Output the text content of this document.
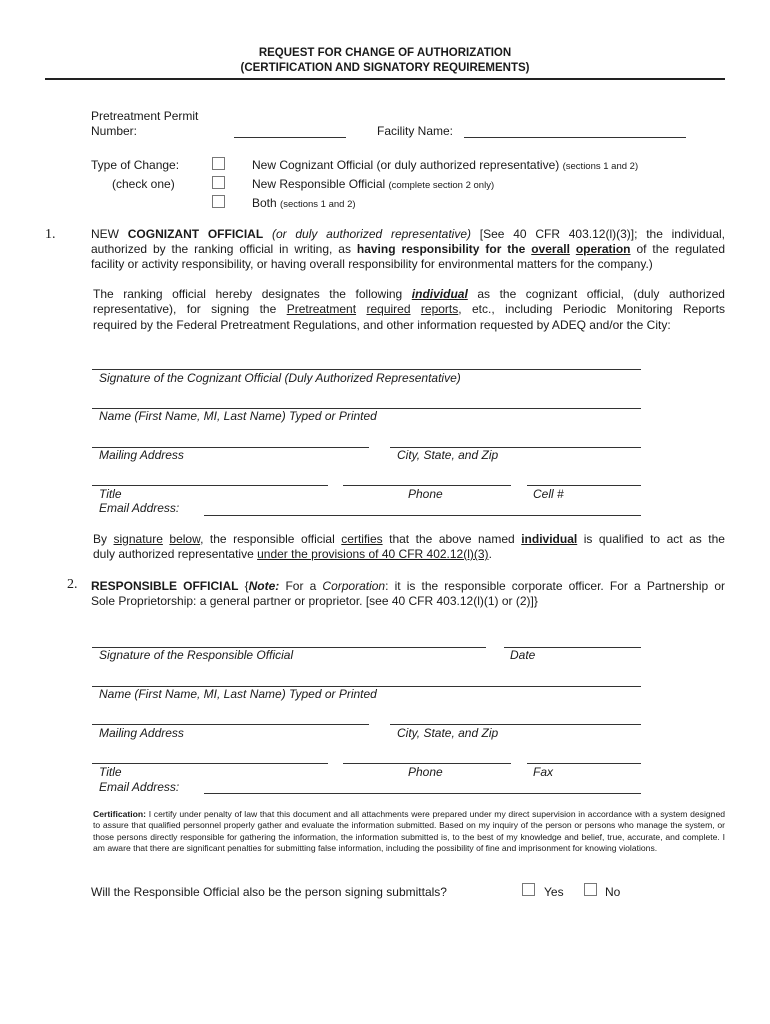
REQUEST FOR CHANGE OF AUTHORIZATION
(CERTIFICATION AND SIGNATORY REQUIREMENTS)
Pretreatment Permit
Number:	Facility Name:
Type of Change:
(check one)
New Cognizant Official (or duly authorized representative) (sections 1 and 2)
New Responsible Official (complete section 2 only)
Both (sections 1 and 2)
1.	NEW COGNIZANT OFFICIAL (or duly authorized representative) [See 40 CFR 403.12(l)(3)]; the individual,
authorized by the ranking official in writing, as having responsibility for the overall operation of the regulated
facility or activity responsibility, or having overall responsibility for environmental matters for the company.)
The ranking official hereby designates the following individual as the cognizant official, (duly authorized
representative), for signing the Pretreatment required reports, etc., including Periodic Monitoring Reports
required by the Federal Pretreatment Regulations, and other information requested by ADEQ and/or the City:
Signature of the Cognizant Official (Duly Authorized Representative)
Name (First Name, MI, Last Name) Typed or Printed
Mailing Address	City, State, and Zip
Title	Phone	Cell #
Email Address:
By signature below, the responsible official certifies that the above named individual is qualified to act as the
duly authorized representative under the provisions of 40 CFR 402.12(l)(3).
2. RESPONSIBLE OFFICIAL {Note: For a Corporation: it is the responsible corporate officer. For a Partnership or
Sole Proprietorship: a general partner or proprietor. [see 40 CFR 403.12(l)(1) or (2)]}
Signature of the Responsible Official	Date
Name (First Name, MI, Last Name) Typed or Printed
Mailing Address	City, State, and Zip
Title	Phone	Fax
Email Address:
Certification: I certify under penalty of law that this document and all attachments were prepared under my direct supervision in accordance with a system designed to assure that qualified personnel properly gather and evaluate the information submitted. Based on my inquiry of the person or persons who manage the system, or those persons directly responsible for gathering the information, the information submitted is, to the best of my knowledge and belief, true, accurate, and complete. I am aware that there are significant penalties for submitting false information, including the possibility of fine and imprisonment for knowing violations.
Will the Responsible Official also be the person signing submittals?	Yes	No
